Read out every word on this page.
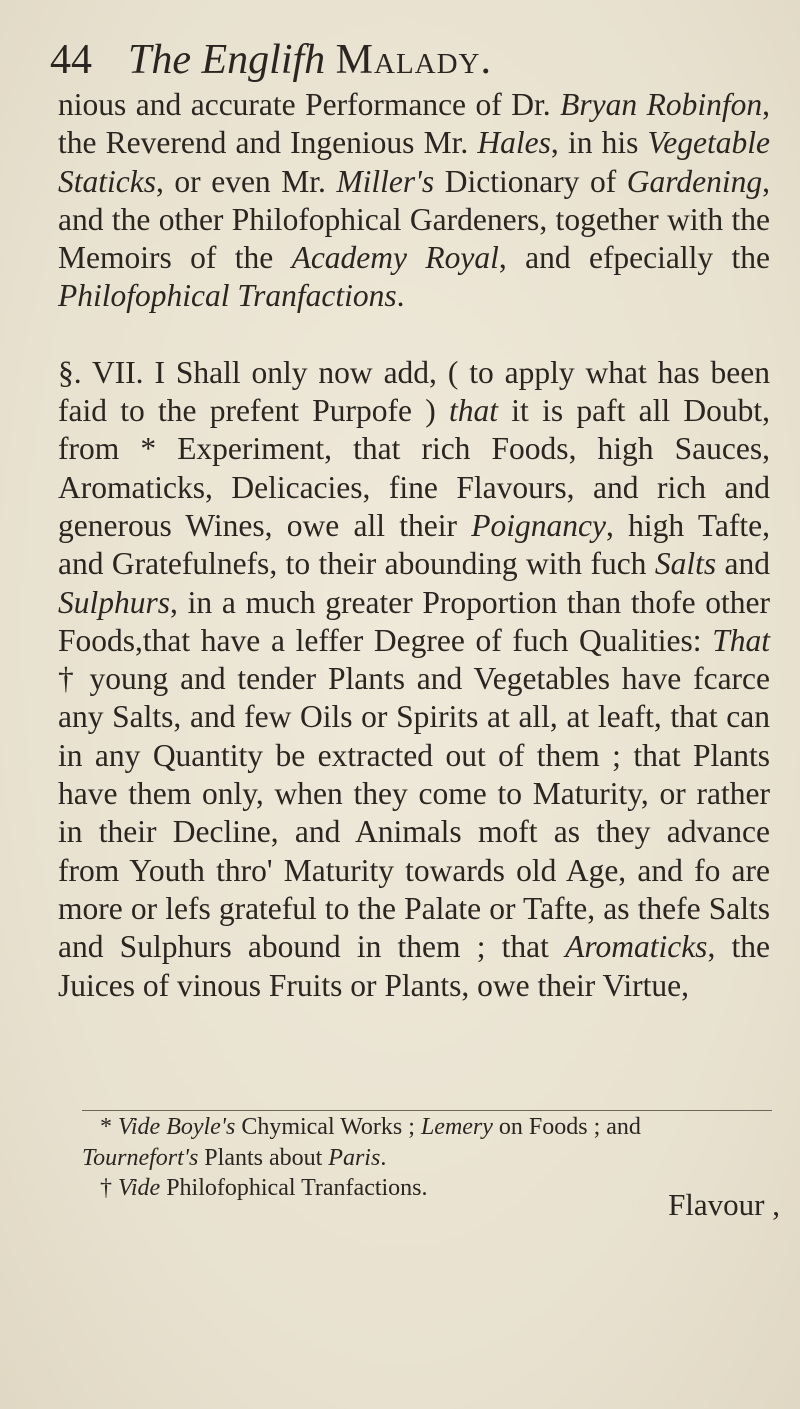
44 The Englifh Malady.

nious and accurate Performance of Dr. Bryan Robinfon, the Reverend and Ingenious Mr. Hales, in his Vegetable Staticks, or even Mr. Miller's Dictionary of Gardening, and the other Philofophical Gardeners, together with the Memoirs of the Academy Royal, and efpecially the Philofophical Tranfactions.

§. VII. I Shall only now add, ( to apply what has been faid to the prefent Purpofe ) that it is paft all Doubt, from * Experiment, that rich Foods, high Sauces, Aromaticks, Delicacies, fine Flavours, and rich and generous Wines, owe all their Poignancy, high Tafte, and Gratefulnefs, to their abounding with fuch Salts and Sulphurs, in a much greater Proportion than thofe other Foods,that have a leffer Degree of fuch Qualities: That † young and tender Plants and Vegetables have fcarce any Salts, and few Oils or Spirits at all, at leaft, that can in any Quantity be extracted out of them ; that Plants have them only, when they come to Maturity, or rather in their Decline, and Animals moft as they advance from Youth thro' Maturity towards old Age, and fo are more or lefs grateful to the Palate or Tafte, as thefe Salts and Sulphurs abound in them ; that Aromaticks, the Juices of vinous Fruits or Plants, owe their Virtue,

* Vide Boyle's Chymical Works ; Lemery on Foods ; and

Tournefort's Plants about Paris.

† Vide Philofophical Tranfactions.	Flavour ,
